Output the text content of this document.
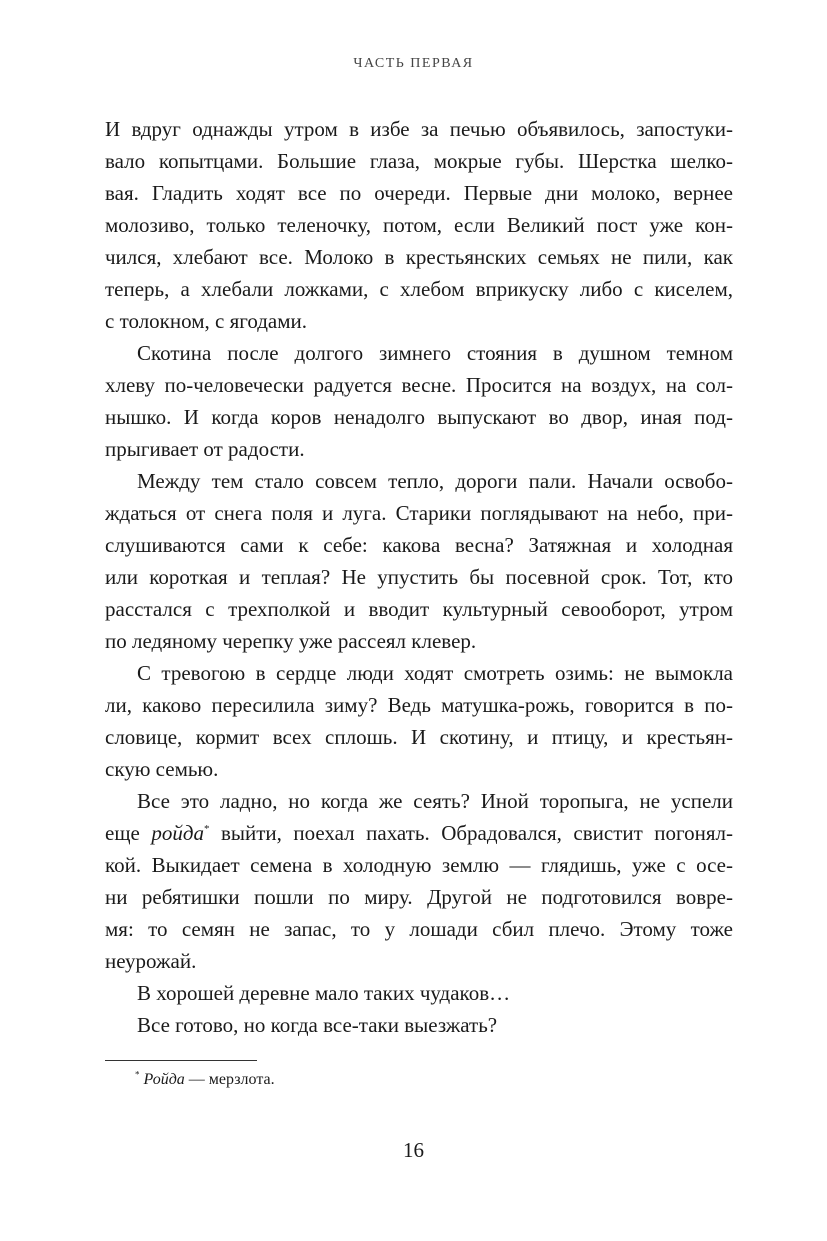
ЧАСТЬ ПЕРВАЯ
И вдруг однажды утром в избе за печью объявилось, запостуки-
вало копытцами. Большие глаза, мокрые губы. Шерстка шелко-
вая. Гладить ходят все по очереди. Первые дни молоко, вернее
молозиво, только теленочку, потом, если Великий пост уже кон-
чился, хлебают все. Молоко в крестьянских семьях не пили, как
теперь, а хлебали ложками, с хлебом вприкуску либо с киселем,
с толокном, с ягодами.
Скотина после долгого зимнего стояния в душном темном
хлеву по-человечески радуется весне. Просится на воздух, на сол-
нышко. И когда коров ненадолго выпускают во двор, иная под-
прыгивает от радости.
Между тем стало совсем тепло, дороги пали. Начали освобо-
ждаться от снега поля и луга. Старики поглядывают на небо, при-
слушиваются сами к себе: какова весна? Затяжная и холодная
или короткая и теплая? Не упустить бы посевной срок. Тот, кто
расстался с трехполкой и вводит культурный севооборот, утром
по ледяному черепку уже рассеял клевер.
С тревогою в сердце люди ходят смотреть озимь: не вымокла
ли, каково пересилила зиму? Ведь матушка-рожь, говорится в по-
словице, кормит всех сплошь. И скотину, и птицу, и крестьян-
скую семью.
Все это ладно, но когда же сеять? Иной торопыга, не успели
еще ройда* выйти, поехал пахать. Обрадовался, свистит погонял-
кой. Выкидает семена в холодную землю — глядишь, уже с осе-
ни ребятишки пошли по миру. Другой не подготовился вовре-
мя: то семян не запас, то у лошади сбил плечо. Этому тоже
неурожай.
В хорошей деревне мало таких чудаков…
Все готово, но когда все-таки выезжать?
* Ройда — мерзлота.
16
